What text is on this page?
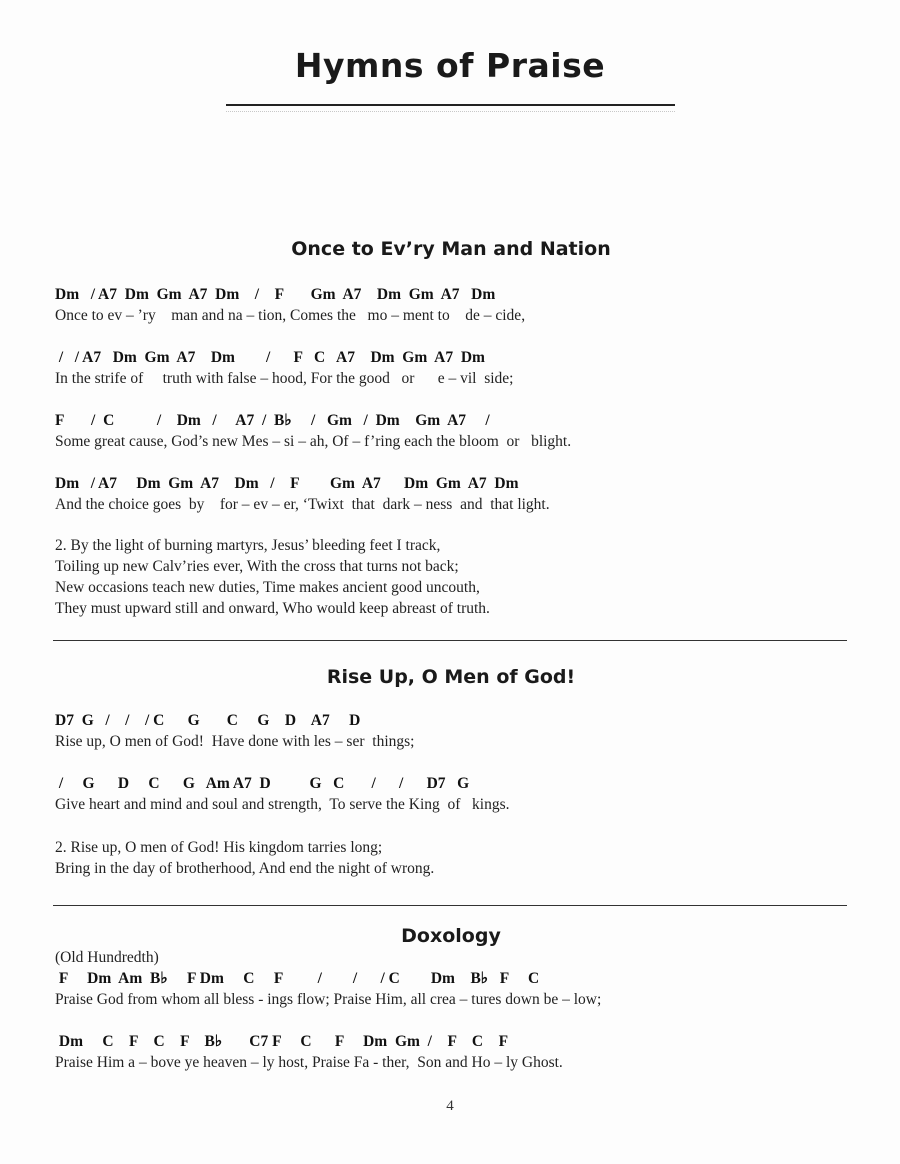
Hymns of Praise
Once to Ev’ry Man and Nation
Dm   / A7  Dm  Gm  A7  Dm    /    F       Gm  A7    Dm  Gm  A7   Dm
Once to ev – ’ry    man and na – tion, Comes the   mo – ment to    de – cide,
/   / A7   Dm  Gm  A7    Dm        /      F   C   A7    Dm  Gm  A7  Dm
In the strife of     truth with false – hood, For the good   or      e – vil  side;
F       /  C           /    Dm   /     A7  /  B♭     /   Gm   /  Dm    Gm  A7     /
Some great cause, God’s new Mes – si – ah, Of – f’ring each the bloom  or   blight.
Dm   / A7     Dm  Gm  A7    Dm   /    F        Gm  A7      Dm  Gm  A7  Dm
And the choice goes  by    for – ev – er, ‘Twixt  that  dark – ness  and  that light.
2. By the light of burning martyrs, Jesus’ bleeding feet I track,
Toiling up new Calv’ries ever, With the cross that turns not back;
New occasions teach new duties, Time makes ancient good uncouth,
They must upward still and onward, Who would keep abreast of truth.
Rise Up, O Men of God!
D7  G   /    /    / C      G       C     G    D    A7     D
Rise up, O men of God!  Have done with les – ser  things;
/     G      D     C      G   Am A7  D          G   C       /      /      D7   G
Give heart and mind and soul and strength,  To serve the King  of   kings.
2. Rise up, O men of God! His kingdom tarries long;
Bring in the day of brotherhood, And end the night of wrong.
Doxology
(Old Hundredth)
F     Dm  Am  B♭     F Dm     C     F         /        /      / C        Dm    B♭   F     C
Praise God from whom all bless - ings flow; Praise Him, all crea – tures down be – low;
Dm     C    F    C    F    B♭       C7 F     C      F     Dm  Gm  /    F    C    F
Praise Him a – bove ye heaven – ly host, Praise Fa - ther,  Son and Ho – ly Ghost.
4
